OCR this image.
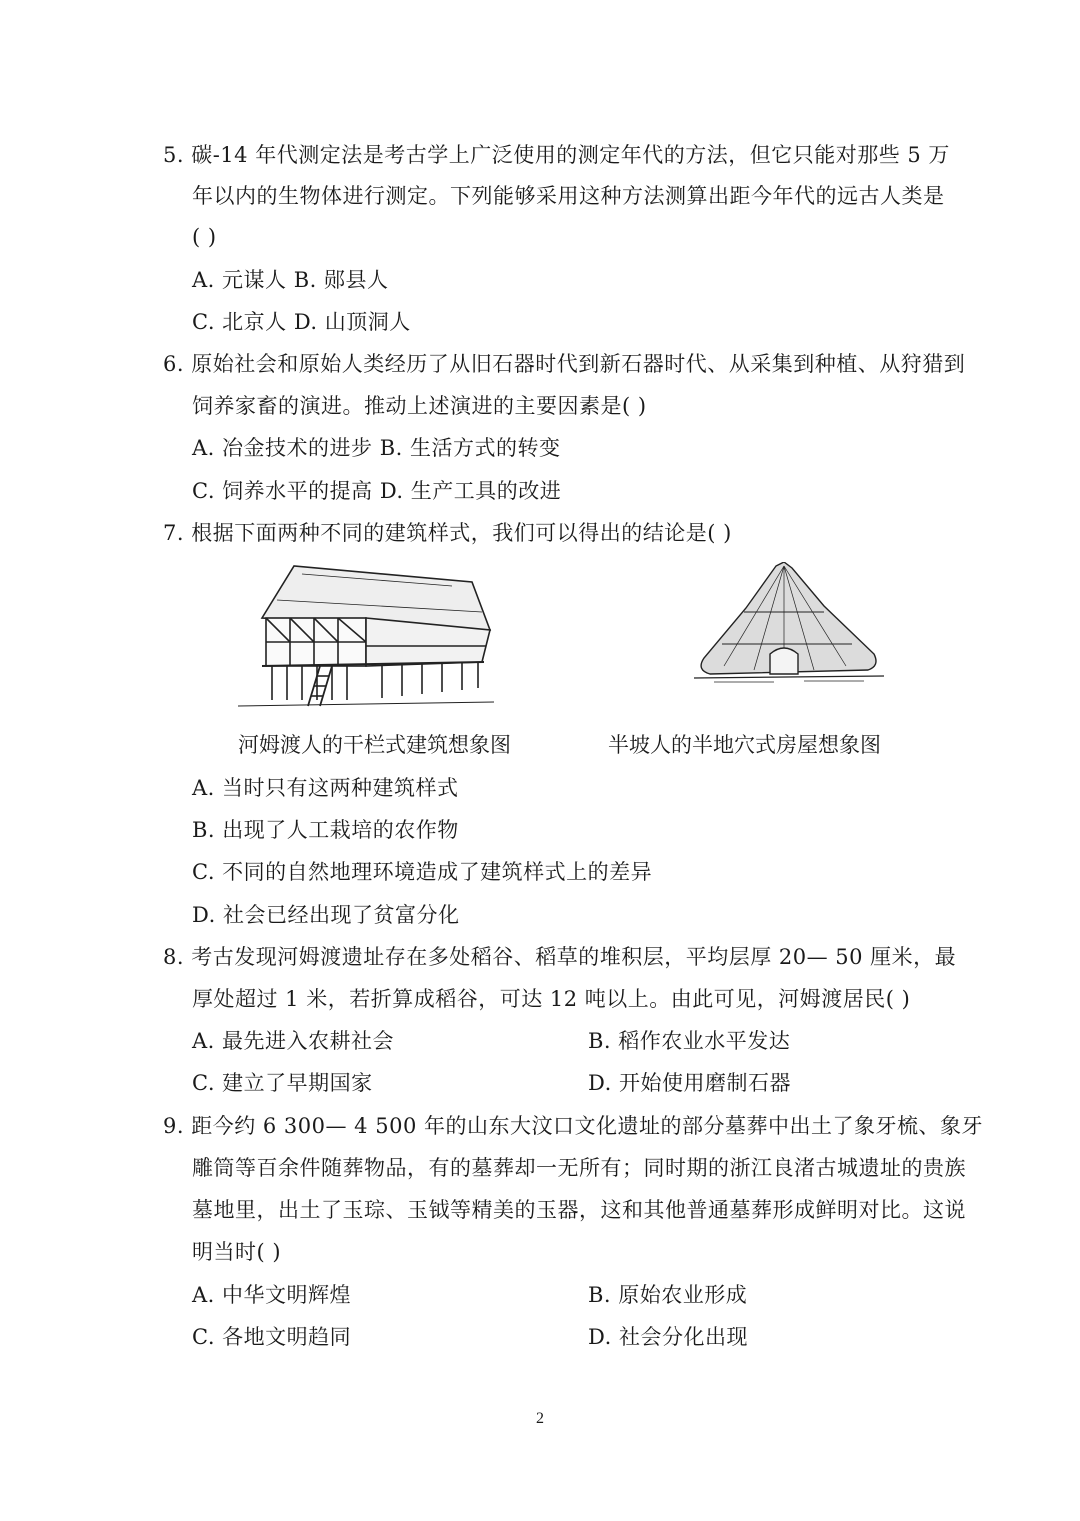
5. 碳-14 年代测定法是考古学上广泛使用的测定年代的方法，但它只能对那些 5 万
年以内的生物体进行测定。下列能够采用这种方法测算出距今年代的远古人类是
( )
A. 元谋人 B. 郧县人
C. 北京人 D. 山顶洞人
6. 原始社会和原始人类经历了从旧石器时代到新石器时代、从采集到种植、从狩猎到
饲养家畜的演进。推动上述演进的主要因素是( )
A. 冶金技术的进步 B. 生活方式的转变
C. 饲养水平的提高 D. 生产工具的改进
7. 根据下面两种不同的建筑样式，我们可以得出的结论是( )
河姆渡人的干栏式建筑想象图	半坡人的半地穴式房屋想象图
A. 当时只有这两种建筑样式
B. 出现了人工栽培的农作物
C. 不同的自然地理环境造成了建筑样式上的差异
D. 社会已经出现了贫富分化
8. 考古发现河姆渡遗址存在多处稻谷、稻草的堆积层，平均层厚 20— 50 厘米，最
厚处超过 1 米，若折算成稻谷，可达 12 吨以上。由此可见，河姆渡居民( )
A. 最先进入农耕社会	B. 稻作农业水平发达
C. 建立了早期国家	D. 开始使用磨制石器
9. 距今约 6 300— 4 500 年的山东大汶口文化遗址的部分墓葬中出土了象牙梳、象牙
雕筒等百余件随葬物品，有的墓葬却一无所有；同时期的浙江良渚古城遗址的贵族
墓地里，出土了玉琮、玉钺等精美的玉器，这和其他普通墓葬形成鲜明对比。这说
明当时( )
A. 中华文明辉煌	B. 原始农业形成
C. 各地文明趋同	D. 社会分化出现
2
